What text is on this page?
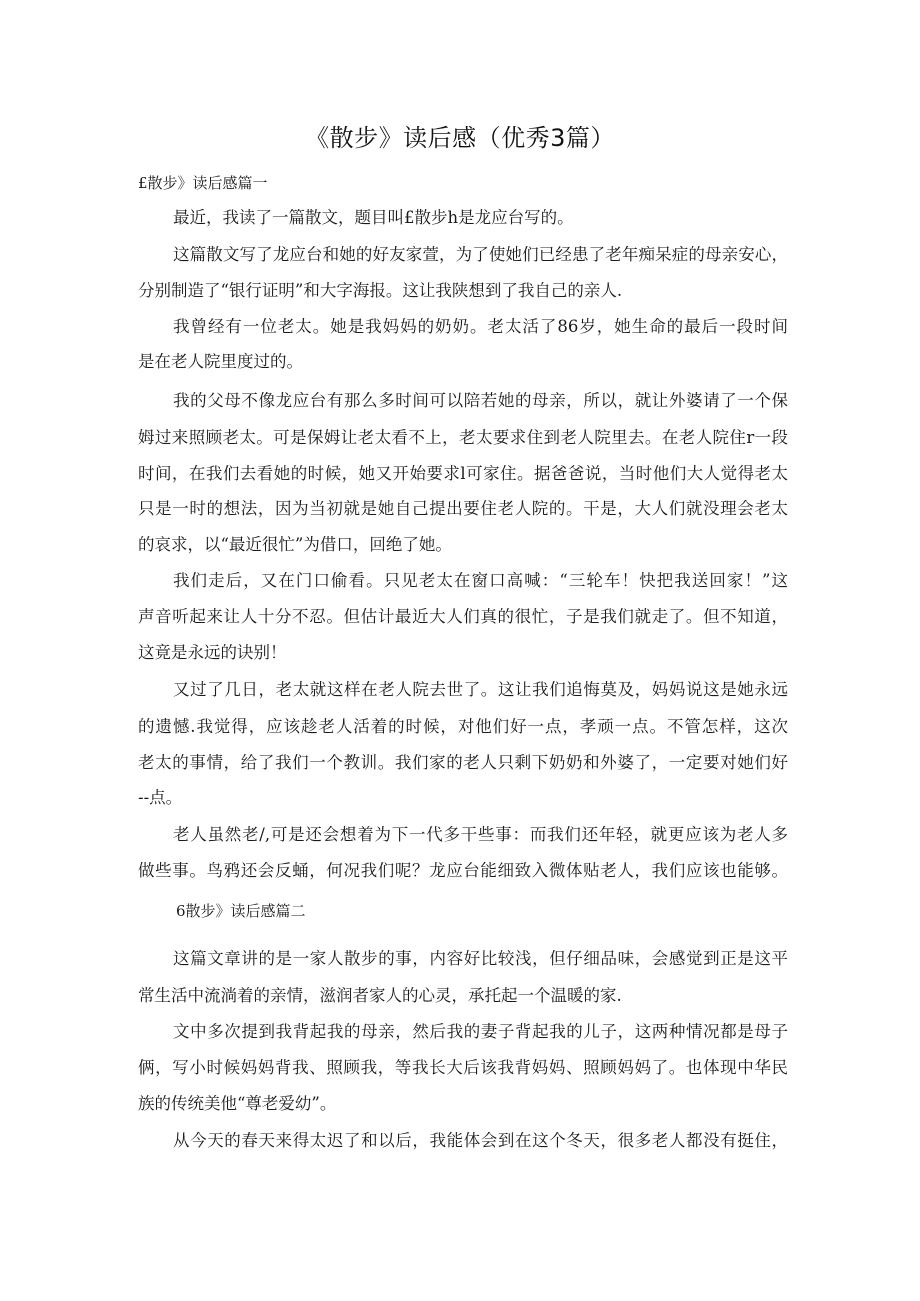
《散步》读后感（优秀3篇）
£散步》读后感篇一
最近，我读了一篇散文，题目叫£散步h是龙应台写的。
这篇散文写了龙应台和她的好友家萱，为了使她们已经患了老年痴呆症的母亲安心，
分别制造了“银行证明”和大字海报。这让我陕想到了我自己的亲人.
我曾经有一位老太。她是我妈妈的奶奶。老太活了86岁，她生命的最后一段时间
是在老人院里度过的。
我的父母不像龙应台有那么多时间可以陪若她的母亲，所以，就让外婆请了一个保
姆过来照顾老太。可是保姆让老太看不上，老太要求住到老人院里去。在老人院住r一段
时间，在我们去看她的时候，她又开始要求l可家住。据爸爸说，当时他们大人觉得老太
只是一时的想法，因为当初就是她自己提出要住老人院的。干是，大人们就没理会老太
的哀求，以“最近很忙”为借口，回绝了她。
我们走后，又在门口偷看。只见老太在窗口高喊：“三轮车！快把我送回家！”这
声音听起来让人十分不忍。但估计最近大人们真的很忙，子是我们就走了。但不知道，
这竟是永远的诀别！
又过了几日，老太就这样在老人院去世了。这让我们追悔莫及，妈妈说这是她永远
的遗憾.我觉得，应该趁老人活着的时候，对他们好一点，孝顽一点。不管怎样，这次
老太的事情，给了我们一个教训。我们家的老人只剩下奶奶和外婆了，一定要对她们好
--点。
老人虽然老/,可是还会想着为下一代多干些事：而我们还年轻，就更应该为老人多
做些事。鸟鸦还会反蛹，何况我们呢？龙应台能细致入微体贴老人，我们应该也能够。
6散步》读后感篇二
这篇文章讲的是一家人散步的事，内容好比较浅，但仔细品味，会感觉到正是这平
常生活中流淌着的亲情，滋润者家人的心灵，承托起一个温暖的家.
文中多次提到我背起我的母亲，然后我的妻子背起我的儿子，这两种情况都是母子
俩，写小时候妈妈背我、照顾我，等我长大后该我背妈妈、照顾妈妈了。也体现中华民
族的传统美他“尊老爱幼”。
从今天的春天来得太迟了和以后，我能体会到在这个冬天，很多老人都没有挺住，
